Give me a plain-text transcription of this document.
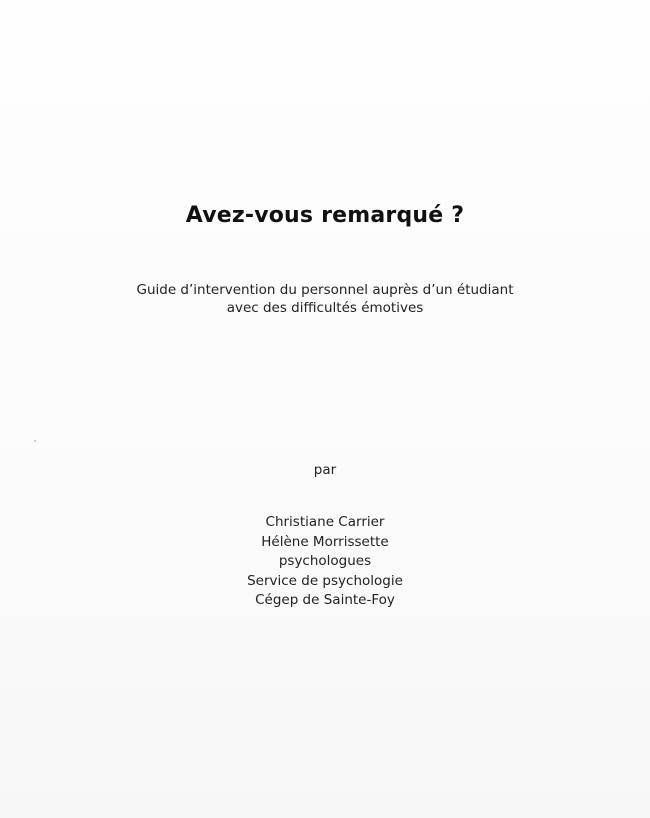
Avez-vous remarqué ?
Guide d’intervention du personnel auprès d’un étudiant
avec des difficultés émotives
par
Christiane Carrier
Hélène Morrissette
psychologues
Service de psychologie
Cégep de Sainte-Foy
